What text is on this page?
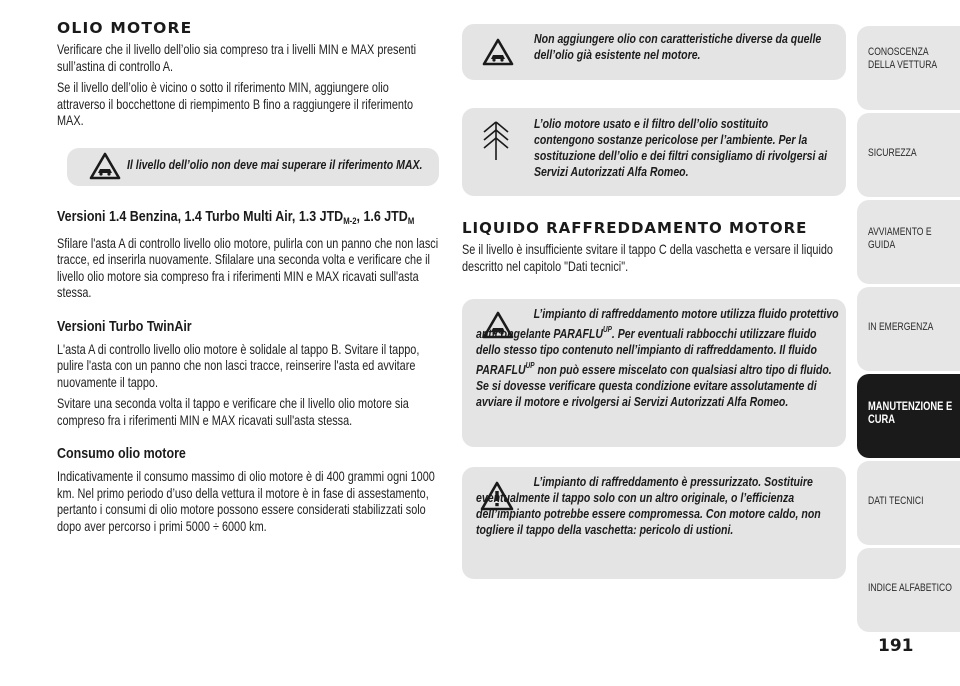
OLIO MOTORE

Verificare che il livello dell’olio sia compreso tra i livelli MIN e MAX presenti sull’astina di controllo A.

Se il livello dell’olio è vicino o sotto il riferimento MIN, aggiungere olio attraverso il bocchettone di riempimento B fino a raggiungere il riferimento MAX.

Il livello dell’olio non deve mai superare il riferimento MAX.
Versioni 1.4 Benzina, 1.4 Turbo Multi Air, 1.3 $JTD_{M-2}$, 1.6 $JTD_M$

Sfilare l'asta A di controllo livello olio motore, pulirla con un panno che non lasci tracce, ed inserirla nuovamente. Sfilalare una seconda volta e verificare che il livello olio motore sia compreso fra i riferimenti MIN e MAX ricavati sull'asta stessa.

Versioni Turbo TwinAir

L'asta A di controllo livello olio motore è solidale al tappo B. Svitare il tappo, pulire l'asta con un panno che non lasci tracce, reinserire l'asta ed avvitare nuovamente il tappo.

Svitare una seconda volta il tappo e verificare che il livello olio motore sia compreso fra i riferimenti MIN e MAX ricavati sull'asta stessa.

Consumo olio motore

Indicativamente il consumo massimo di olio motore è di 400 grammi ogni 1000 km. Nel primo periodo d’uso della vettura il motore è in fase di assestamento, pertanto i consumi di olio motore possono essere considerati stabilizzati solo dopo aver percorso i primi 5000 ÷ 6000 km.

Non aggiungere olio con caratteristiche diverse da quelle dell’olio già esistente nel motore.
L’olio motore usato e il filtro dell’olio sostituito contengono sostanze pericolose per l’ambiente. Per la sostituzione dell’olio e dei filtri consigliamo di rivolgersi ai Servizi Autorizzati Alfa Romeo.
LIQUIDO RAFFREDDAMENTO MOTORE

Se il livello è insufficiente svitare il tappo C della vaschetta e versare il liquido descritto nel capitolo "Dati tecnici".

L’impianto di raffreddamento motore utilizza fluido protettivo anticongelante $PARAFLU^{UP}$. Per eventuali rabbocchi utilizzare fluido dello stesso tipo contenuto nell’impianto di raffreddamento. Il fluido $PARAFLU^{UP}$ non può essere miscelato con qualsiasi altro tipo di fluido. Se si dovesse verificare questa condizione evitare assolutamente di avviare il motore e rivolgersi ai Servizi Autorizzati Alfa Romeo.
L’impianto di raffreddamento è pressurizzato. Sostituire eventualmente il tappo solo con un altro originale, o l’efficienza dell’impianto potrebbe essere compromessa. Con motore caldo, non togliere il tappo della vaschetta: pericolo di ustioni.
CONOSCENZA
DELLA VETTURA
SICUREZZA
AVVIAMENTO E
GUIDA
IN EMERGENZA
MANUTENZIONE E
CURA
DATI TECNICI
INDICE ALFABETICO
191
